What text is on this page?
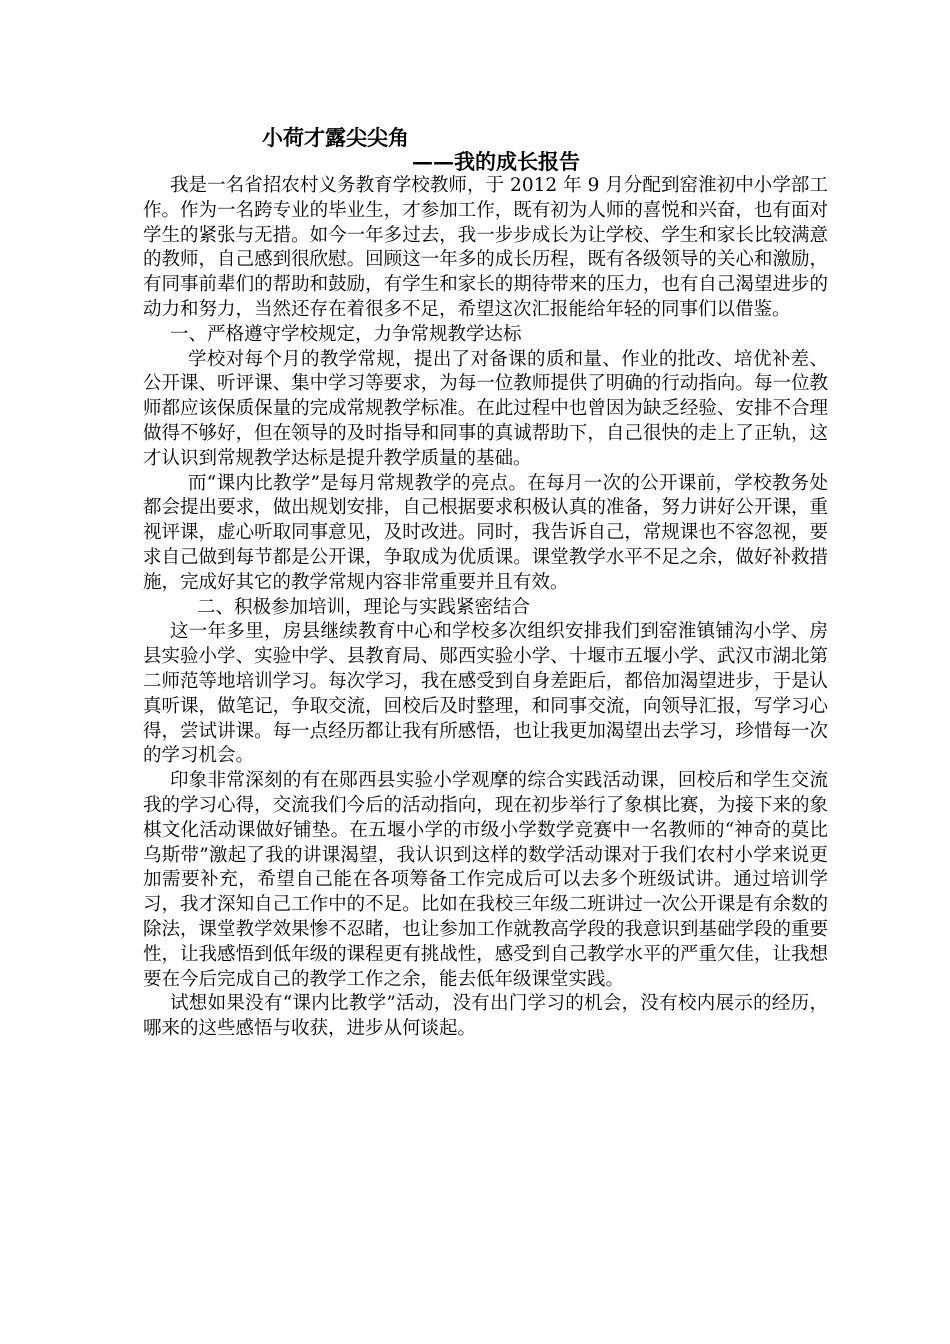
小荷才露尖尖角
——我的成长报告

我是一名省招农村义务教育学校教师，于 2012 年 9 月分配到窑淮初中小学部工作。作为一名跨专业的毕业生，才参加工作，既有初为人师的喜悦和兴奋，也有面对学生的紧张与无措。如今一年多过去，我一步步成长为让学校、学生和家长比较满意的教师，自己感到很欣慰。回顾这一年多的成长历程，既有各级领导的关心和激励，有同事前辈们的帮助和鼓励，有学生和家长的期待带来的压力，也有自己渴望进步的动力和努力，当然还存在着很多不足，希望这次汇报能给年轻的同事们以借鉴。

一、严格遵守学校规定，力争常规教学达标

学校对每个月的教学常规，提出了对备课的质和量、作业的批改、培优补差、公开课、听评课、集中学习等要求，为每一位教师提供了明确的行动指向。每一位教师都应该保质保量的完成常规教学标准。在此过程中也曾因为缺乏经验、安排不合理做得不够好，但在领导的及时指导和同事的真诚帮助下，自己很快的走上了正轨，这才认识到常规教学达标是提升教学质量的基础。

而“课内比教学”是每月常规教学的亮点。在每月一次的公开课前，学校教务处都会提出要求，做出规划安排，自己根据要求积极认真的准备，努力讲好公开课，重视评课，虚心听取同事意见，及时改进。同时，我告诉自己，常规课也不容忽视，要求自己做到每节都是公开课，争取成为优质课。课堂教学水平不足之余，做好补救措施，完成好其它的教学常规内容非常重要并且有效。

二、积极参加培训，理论与实践紧密结合

这一年多里，房县继续教育中心和学校多次组织安排我们到窑淮镇铺沟小学、房县实验小学、实验中学、县教育局、郧西实验小学、十堰市五堰小学、武汉市湖北第二师范等地培训学习。每次学习，我在感受到自身差距后，都倍加渴望进步，于是认真听课，做笔记，争取交流，回校后及时整理，和同事交流，向领导汇报，写学习心得，尝试讲课。每一点经历都让我有所感悟，也让我更加渴望出去学习，珍惜每一次的学习机会。

印象非常深刻的有在郧西县实验小学观摩的综合实践活动课，回校后和学生交流我的学习心得，交流我们今后的活动指向，现在初步举行了象棋比赛，为接下来的象棋文化活动课做好铺垫。在五堰小学的市级小学数学竞赛中一名教师的“神奇的莫比乌斯带”激起了我的讲课渴望，我认识到这样的数学活动课对于我们农村小学来说更加需要补充，希望自己能在各项筹备工作完成后可以去多个班级试讲。通过培训学习，我才深知自己工作中的不足。比如在我校三年级二班讲过一次公开课是有余数的除法，课堂教学效果惨不忍睹，也让参加工作就教高学段的我意识到基础学段的重要性，让我感悟到低年级的课程更有挑战性，感受到自己教学水平的严重欠佳，让我想要在今后完成自己的教学工作之余，能去低年级课堂实践。

试想如果没有“课内比教学”活动，没有出门学习的机会，没有校内展示的经历，哪来的这些感悟与收获，进步从何谈起。
